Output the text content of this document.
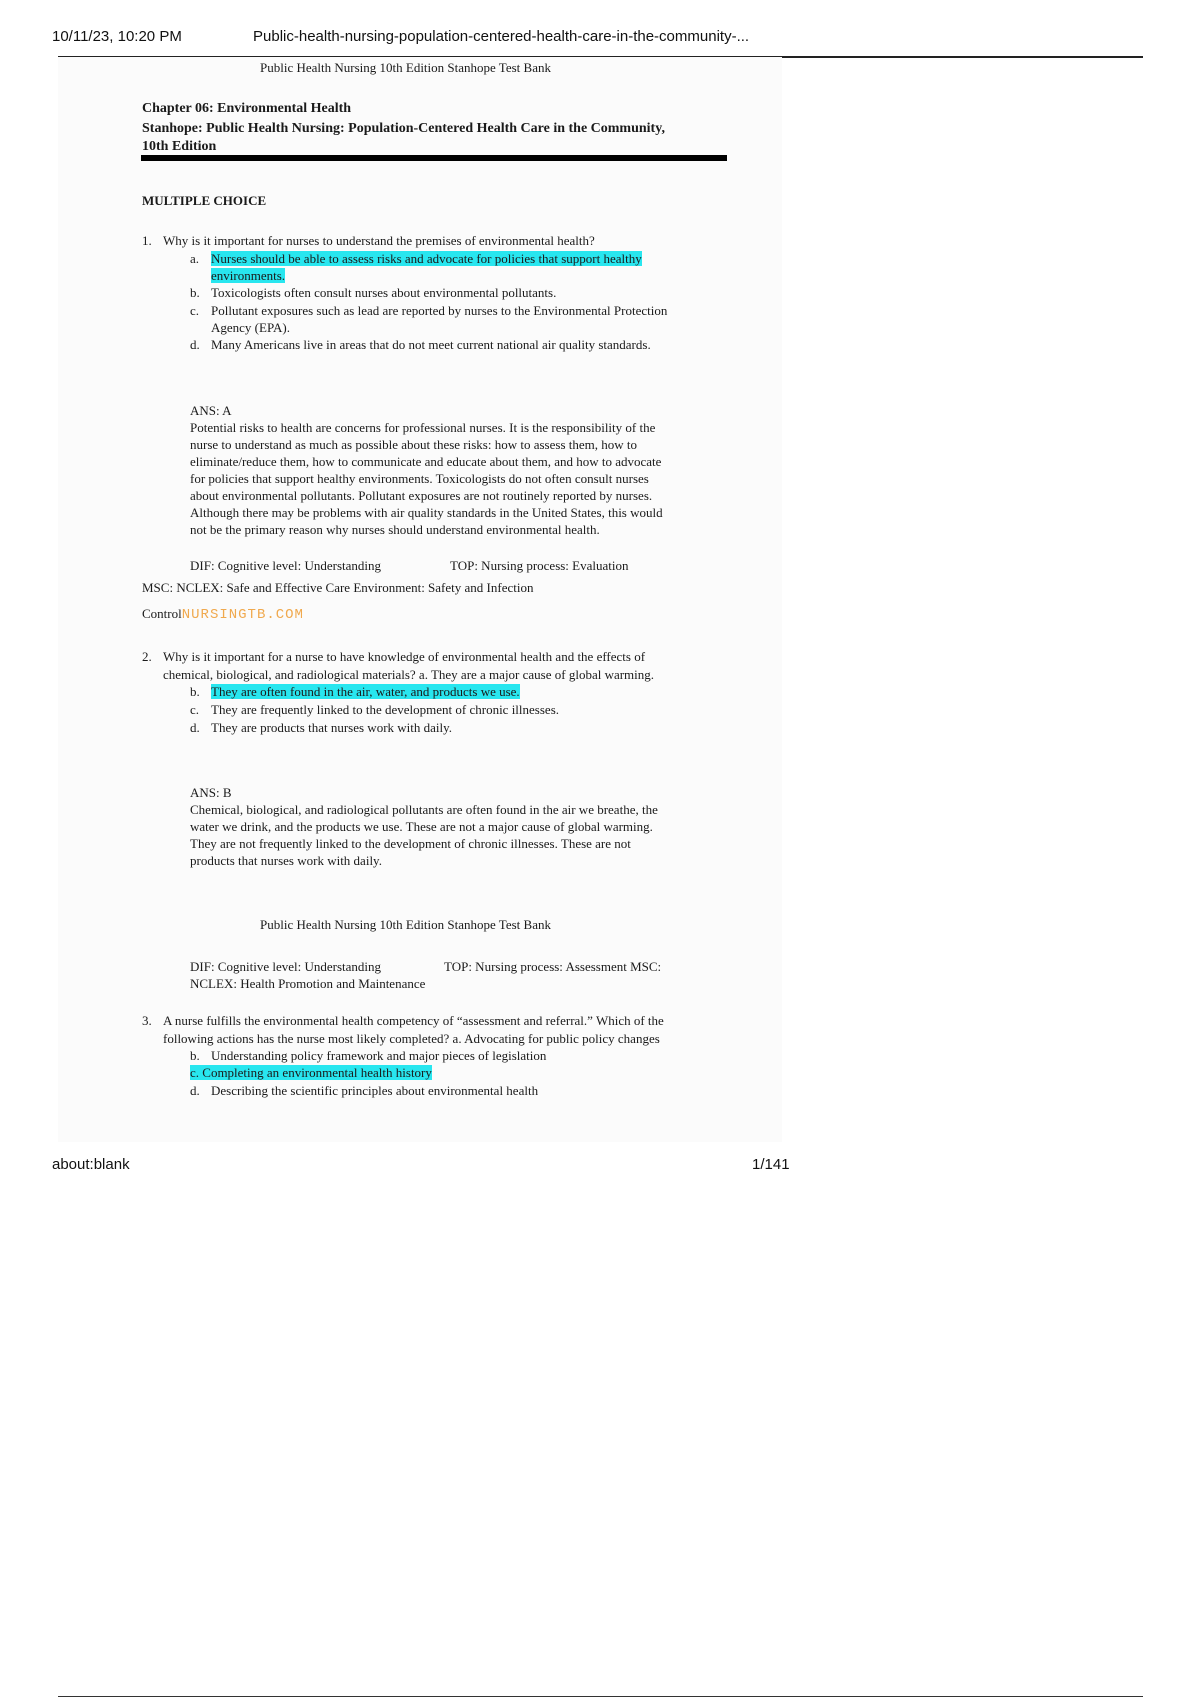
10/11/23, 10:20 PM	Public-health-nursing-population-centered-health-care-in-the-community-...
Public Health Nursing 10th Edition Stanhope Test Bank
Chapter 06: Environmental Health
Stanhope: Public Health Nursing: Population-Centered Health Care in the Community,
10th Edition
MULTIPLE CHOICE
1. Why is it important for nurses to understand the premises of environmental health?
a. Nurses should be able to assess risks and advocate for policies that support healthy
environments.
b. Toxicologists often consult nurses about environmental pollutants.
c. Pollutant exposures such as lead are reported by nurses to the Environmental Protection
Agency (EPA).
d. Many Americans live in areas that do not meet current national air quality standards.
ANS: A
Potential risks to health are concerns for professional nurses. It is the responsibility of the
nurse to understand as much as possible about these risks: how to assess them, how to
eliminate/reduce them, how to communicate and educate about them, and how to advocate
for policies that support healthy environments. Toxicologists do not often consult nurses
about environmental pollutants. Pollutant exposures are not routinely reported by nurses.
Although there may be problems with air quality standards in the United States, this would
not be the primary reason why nurses should understand environmental health.
DIF: Cognitive level: Understanding	TOP: Nursing process: Evaluation
MSC: NCLEX: Safe and Effective Care Environment: Safety and Infection
ControlNURSINGTB.COM
2. Why is it important for a nurse to have knowledge of environmental health and the effects of
chemical, biological, and radiological materials? a. They are a major cause of global warming.
b. They are often found in the air, water, and products we use.
c. They are frequently linked to the development of chronic illnesses.
d. They are products that nurses work with daily.
ANS: B
Chemical, biological, and radiological pollutants are often found in the air we breathe, the
water we drink, and the products we use. These are not a major cause of global warming.
They are not frequently linked to the development of chronic illnesses. These are not
products that nurses work with daily.
Public Health Nursing 10th Edition Stanhope Test Bank
DIF: Cognitive level: Understanding	TOP: Nursing process: Assessment MSC:
NCLEX: Health Promotion and Maintenance
3. A nurse fulfills the environmental health competency of “assessment and referral.” Which of the
following actions has the nurse most likely completed? a. Advocating for public policy changes
b. Understanding policy framework and major pieces of legislation
c. Completing an environmental health history
d. Describing the scientific principles about environmental health
about:blank	1/141
